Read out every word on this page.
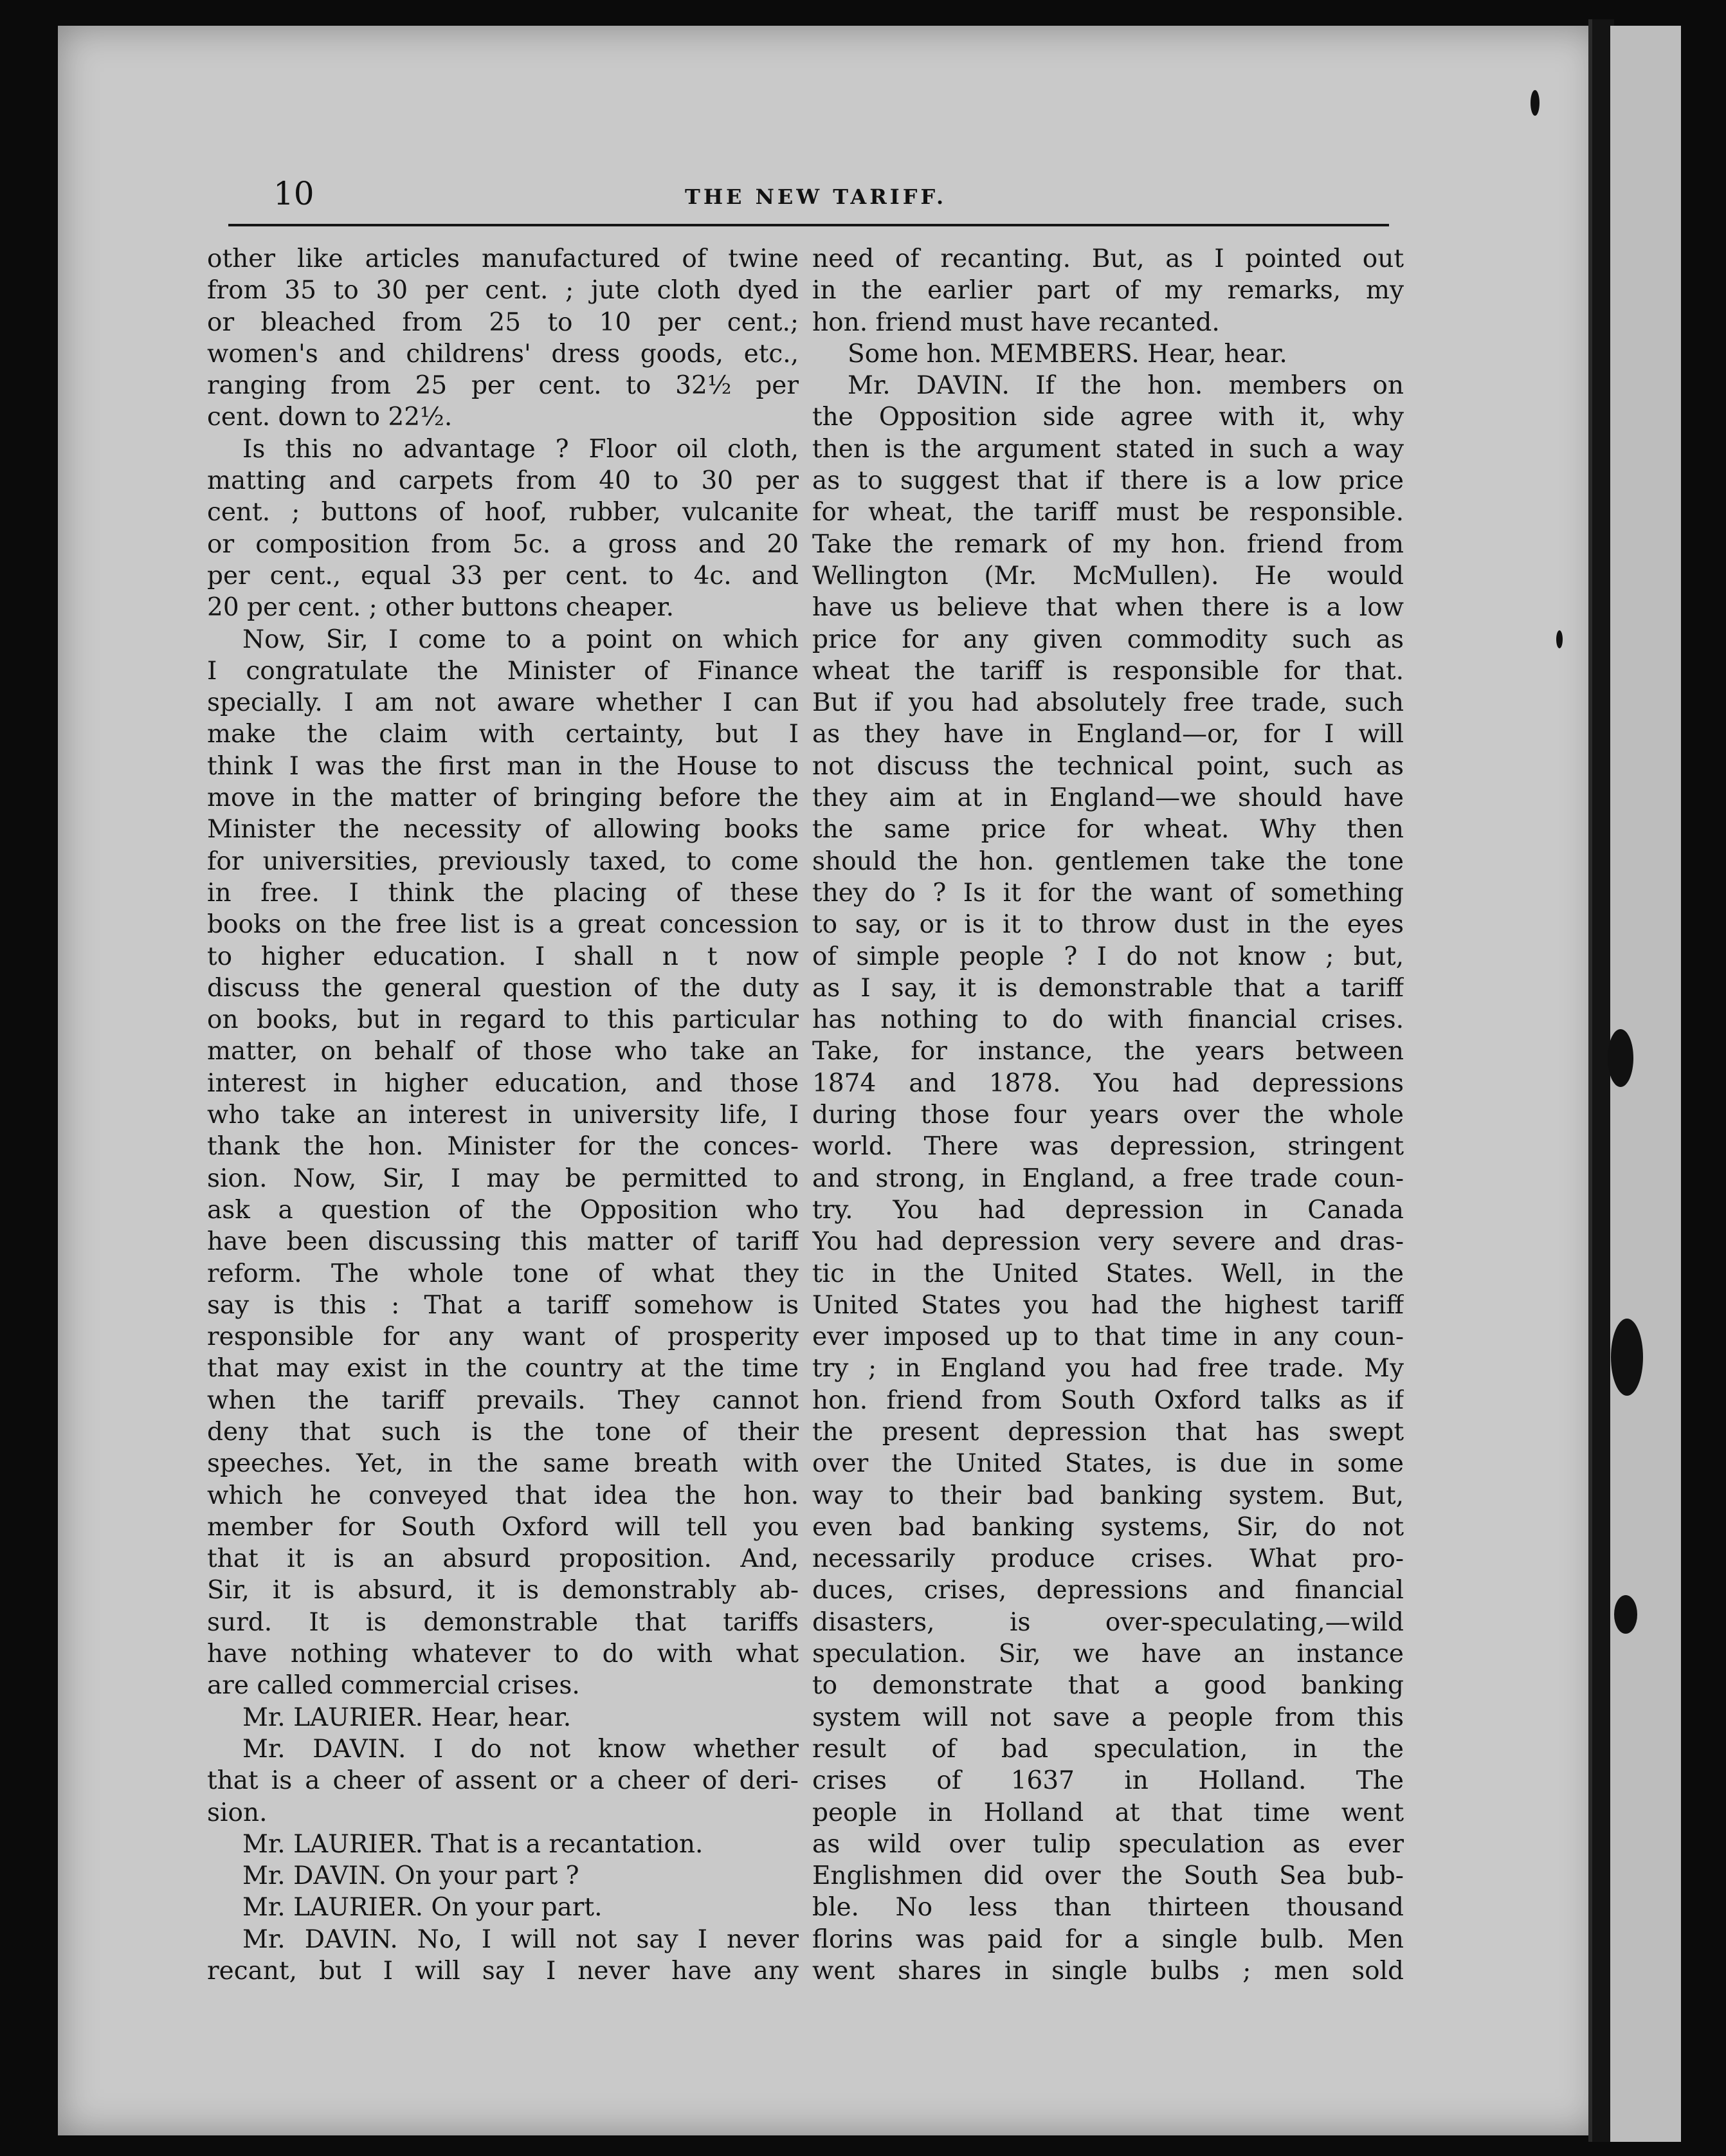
10	THE NEW TARIFF.
other like articles manufactured of twine
from 35 to 30 per cent. ; jute cloth dyed
or bleached from 25 to 10 per cent.;
women's and childrens' dress goods, etc.,
ranging from 25 per cent. to 32½ per
cent. down to 22½.
Is this no advantage ? Floor oil cloth,
matting and carpets from 40 to 30 per
cent. ; buttons of hoof, rubber, vulcanite
or composition from 5c. a gross and 20
per cent., equal 33 per cent. to 4c. and
20 per cent. ; other buttons cheaper.
Now, Sir, I come to a point on which
I congratulate the Minister of Finance
specially. I am not aware whether I can
make the claim with certainty, but I
think I was the first man in the House to
move in the matter of bringing before the
Minister the necessity of allowing books
for universities, previously taxed, to come
in free. I think the placing of these
books on the free list is a great concession
to higher education. I shall n t now
discuss the general question of the duty
on books, but in regard to this particular
matter, on behalf of those who take an
interest in higher education, and those
who take an interest in university life, I
thank the hon. Minister for the conces-
sion. Now, Sir, I may be permitted to
ask a question of the Opposition who
have been discussing this matter of tariff
reform. The whole tone of what they
say is this : That a tariff somehow is
responsible for any want of prosperity
that may exist in the country at the time
when the tariff prevails. They cannot
deny that such is the tone of their
speeches. Yet, in the same breath with
which he conveyed that idea the hon.
member for South Oxford will tell you
that it is an absurd proposition. And,
Sir, it is absurd, it is demonstrably ab-
surd. It is demonstrable that tariffs
have nothing whatever to do with what
are called commercial crises.
Mr. LAURIER. Hear, hear.
Mr. DAVIN. I do not know whether
that is a cheer of assent or a cheer of deri-
sion.
Mr. LAURIER. That is a recantation.
Mr. DAVIN. On your part ?
Mr. LAURIER. On your part.
Mr. DAVIN. No, I will not say I never
recant, but I will say I never have any
need of recanting. But, as I pointed out
in the earlier part of my remarks, my
hon. friend must have recanted.
Some hon. MEMBERS. Hear, hear.
Mr. DAVIN. If the hon. members on
the Opposition side agree with it, why
then is the argument stated in such a way
as to suggest that if there is a low price
for wheat, the tariff must be responsible.
Take the remark of my hon. friend from
Wellington (Mr. McMullen). He would
have us believe that when there is a low
price for any given commodity such as
wheat the tariff is responsible for that.
But if you had absolutely free trade, such
as they have in England—or, for I will
not discuss the technical point, such as
they aim at in England—we should have
the same price for wheat. Why then
should the hon. gentlemen take the tone
they do ? Is it for the want of something
to say, or is it to throw dust in the eyes
of simple people ? I do not know ; but,
as I say, it is demonstrable that a tariff
has nothing to do with financial crises.
Take, for instance, the years between
1874 and 1878. You had depressions
during those four years over the whole
world. There was depression, stringent
and strong, in England, a free trade coun-
try. You had depression in Canada
You had depression very severe and dras-
tic in the United States. Well, in the
United States you had the highest tariff
ever imposed up to that time in any coun-
try ; in England you had free trade. My
hon. friend from South Oxford talks as if
the present depression that has swept
over the United States, is due in some
way to their bad banking system. But,
even bad banking systems, Sir, do not
necessarily produce crises. What pro-
duces, crises, depressions and financial
disasters, is over-speculating,—wild
speculation. Sir, we have an instance
to demonstrate that a good banking
system will not save a people from this
result of bad speculation, in the
crises of 1637 in Holland. The
people in Holland at that time went
as wild over tulip speculation as ever
Englishmen did over the South Sea bub-
ble. No less than thirteen thousand
florins was paid for a single bulb. Men
went shares in single bulbs ; men sold
